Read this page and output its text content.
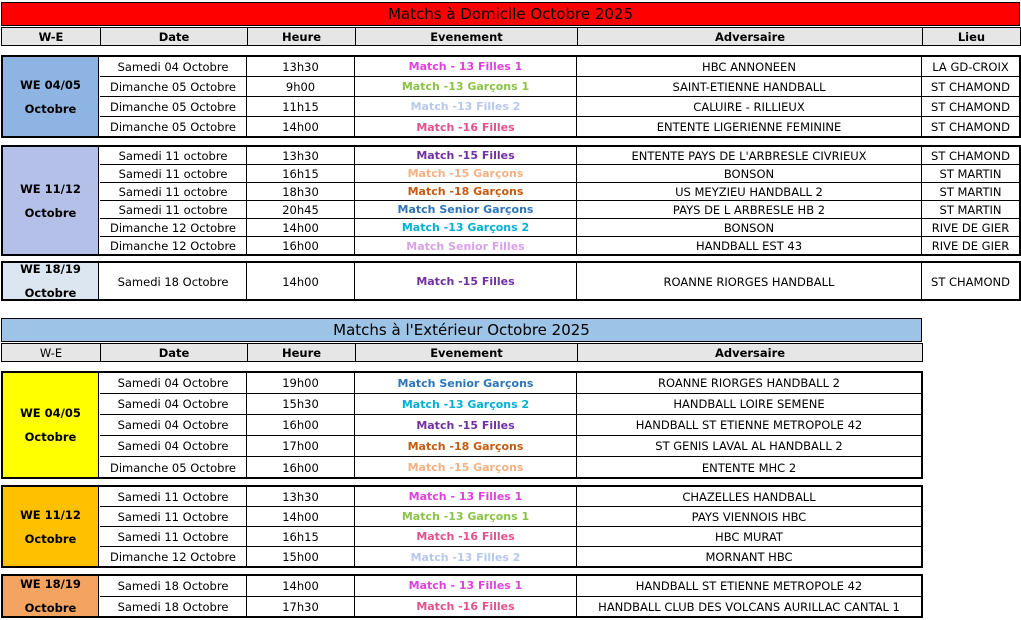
Matchs à Domicile Octobre 2025
W-E	Date	Heure	Evenement	Adversaire	Lieu
WE 04/05
Octobre
Samedi 04 Octobre	13h30	Match - 13 Filles 1	HBC ANNONEEN	LA GD-CROIX
Dimanche 05 Octobre	9h00	Match -13 Garçons 1	SAINT-ETIENNE HANDBALL	ST CHAMOND
Dimanche 05 Octobre	11h15	Match -13 Filles 2	CALUIRE - RILLIEUX	ST CHAMOND
Dimanche 05 Octobre	14h00	Match -16 Filles	ENTENTE LIGERIENNE FEMININE	ST CHAMOND
WE 11/12
Octobre
Samedi 11 octobre	13h30	Match -15 Filles	ENTENTE PAYS DE L'ARBRESLE CIVRIEUX	ST CHAMOND
Samedi 11 octobre	16h15	Match -15 Garçons	BONSON	ST MARTIN
Samedi 11 octobre	18h30	Match -18 Garçons	US MEYZIEU HANDBALL 2	ST MARTIN
Samedi 11 octobre	20h45	Match Senior Garçons	PAYS DE L ARBRESLE HB 2	ST MARTIN
Dimanche 12 Octobre	14h00	Match -13 Garçons 2	BONSON	RIVE DE GIER
Dimanche 12 Octobre	16h00	Match Senior Filles	HANDBALL EST 43	RIVE DE GIER
WE 18/19
Octobre
Samedi 18 Octobre	14h00	Match -15 Filles	ROANNE RIORGES HANDBALL	ST CHAMOND
Matchs à l'Extérieur Octobre 2025
W-E	Date	Heure	Evenement	Adversaire
WE 04/05
Octobre
Samedi 04 Octobre	19h00	Match Senior Garçons	ROANNE RIORGES HANDBALL 2
Samedi 04 Octobre	15h30	Match -13 Garçons 2	HANDBALL LOIRE SEMENE
Samedi 04 Octobre	16h00	Match -15 Filles	HANDBALL ST ETIENNE METROPOLE 42
Samedi 04 Octobre	17h00	Match -18 Garçons	ST GENIS LAVAL AL HANDBALL 2
Dimanche 05 Octobre	16h00	Match -15 Garçons	ENTENTE MHC 2
WE 11/12
Octobre
Samedi 11 Octobre	13h30	Match - 13 Filles 1	CHAZELLES HANDBALL
Samedi 11 Octobre	14h00	Match -13 Garçons 1	PAYS VIENNOIS HBC
Samedi 11 Octobre	16h15	Match -16 Filles	HBC MURAT
Dimanche 12 Octobre	15h00	Match -13 Filles 2	MORNANT HBC
WE 18/19
Octobre
Samedi 18 Octobre	14h00	Match - 13 Filles 1	HANDBALL ST ETIENNE METROPOLE 42
Samedi 18 Octobre	17h30	Match -16 Filles	HANDBALL CLUB DES VOLCANS AURILLAC CANTAL 1
